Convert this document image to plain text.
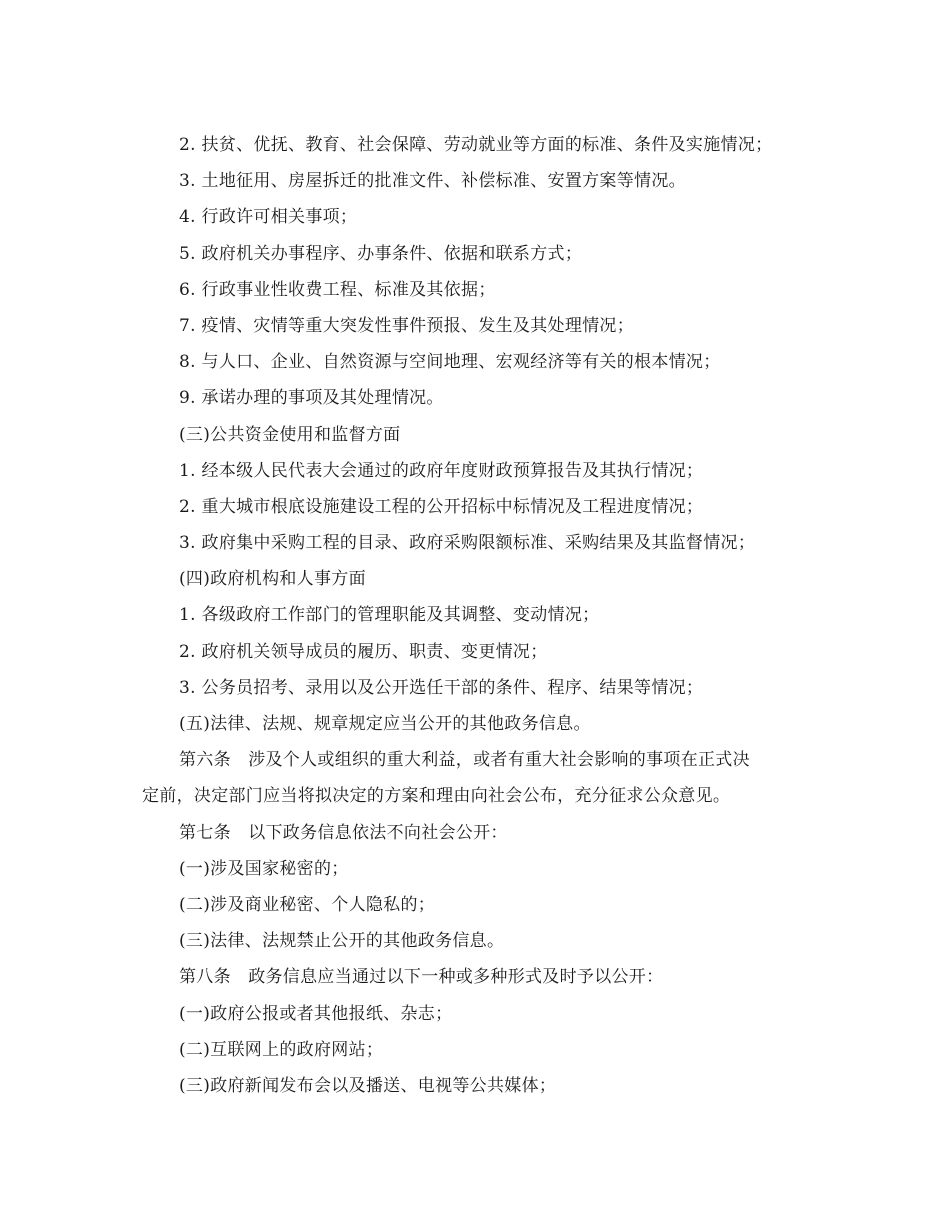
2. 扶贫、优抚、教育、社会保障、劳动就业等方面的标准、条件及实施情况；
3. 土地征用、房屋拆迁的批准文件、补偿标准、安置方案等情况。
4. 行政许可相关事项；
5. 政府机关办事程序、办事条件、依据和联系方式；
6. 行政事业性收费工程、标准及其依据；
7. 疫情、灾情等重大突发性事件预报、发生及其处理情况；
8. 与人口、企业、自然资源与空间地理、宏观经济等有关的根本情况；
9. 承诺办理的事项及其处理情况。
(三)公共资金使用和监督方面
1. 经本级人民代表大会通过的政府年度财政预算报告及其执行情况；
2. 重大城市根底设施建设工程的公开招标中标情况及工程进度情况；
3. 政府集中采购工程的目录、政府采购限额标准、采购结果及其监督情况；
(四)政府机构和人事方面
1. 各级政府工作部门的管理职能及其调整、变动情况；
2. 政府机关领导成员的履历、职责、变更情况；
3. 公务员招考、录用以及公开选任干部的条件、程序、结果等情况；
(五)法律、法规、规章规定应当公开的其他政务信息。
第六条　涉及个人或组织的重大利益，或者有重大社会影响的事项在正式决
定前，决定部门应当将拟决定的方案和理由向社会公布，充分征求公众意见。
第七条　以下政务信息依法不向社会公开：
(一)涉及国家秘密的；
(二)涉及商业秘密、个人隐私的；
(三)法律、法规禁止公开的其他政务信息。
第八条　政务信息应当通过以下一种或多种形式及时予以公开：
(一)政府公报或者其他报纸、杂志；
(二)互联网上的政府网站；
(三)政府新闻发布会以及播送、电视等公共媒体；
